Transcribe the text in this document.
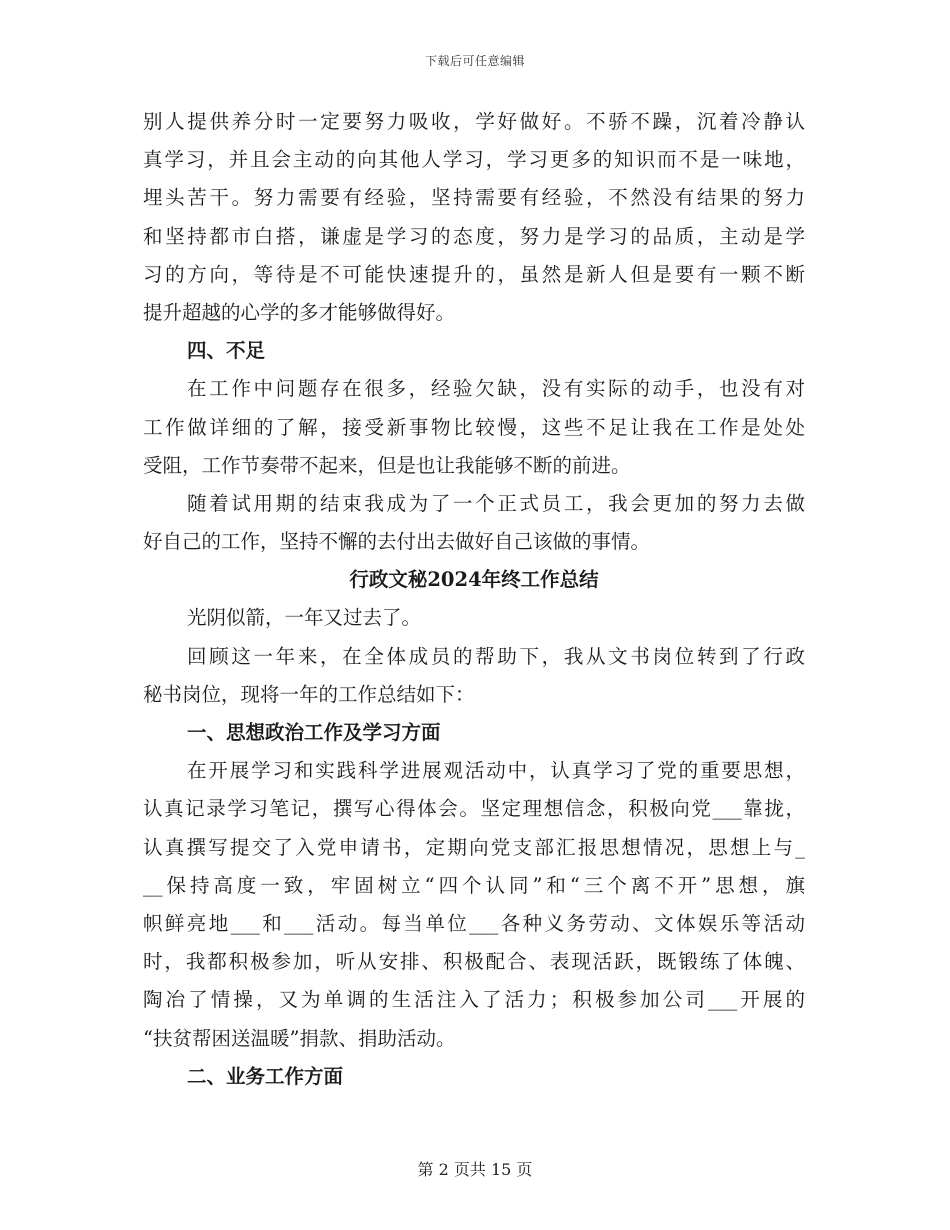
下载后可任意编辑
别人提供养分时一定要努力吸收，学好做好。不骄不躁，沉着冷静认
真学习，并且会主动的向其他人学习，学习更多的知识而不是一味地，
埋头苦干。努力需要有经验，坚持需要有经验，不然没有结果的努力
和坚持都市白搭，谦虚是学习的态度，努力是学习的品质，主动是学
习的方向，等待是不可能快速提升的，虽然是新人但是要有一颗不断
提升超越的心学的多才能够做得好。
四、不足
在工作中问题存在很多，经验欠缺，没有实际的动手，也没有对
工作做详细的了解，接受新事物比较慢，这些不足让我在工作是处处
受阻，工作节奏带不起来，但是也让我能够不断的前进。
随着试用期的结束我成为了一个正式员工，我会更加的努力去做
好自己的工作，坚持不懈的去付出去做好自己该做的事情。
行政文秘2024年终工作总结
光阴似箭，一年又过去了。
回顾这一年来，在全体成员的帮助下，我从文书岗位转到了行政
秘书岗位，现将一年的工作总结如下：
一、思想政治工作及学习方面
在开展学习和实践科学进展观活动中，认真学习了党的重要思想，
认真记录学习笔记，撰写心得体会。坚定理想信念，积极向党___靠拢，
认真撰写提交了入党申请书，定期向党支部汇报思想情况，思想上与_
__保持高度一致，牢固树立“四个认同”和“三个离不开”思想，旗
帜鲜亮地___和___活动。每当单位___各种义务劳动、文体娱乐等活动
时，我都积极参加，听从安排、积极配合、表现活跃，既锻练了体魄、
陶冶了情操，又为单调的生活注入了活力；积极参加公司___开展的
“扶贫帮困送温暖”捐款、捐助活动。
二、业务工作方面
第 2 页共 15 页
